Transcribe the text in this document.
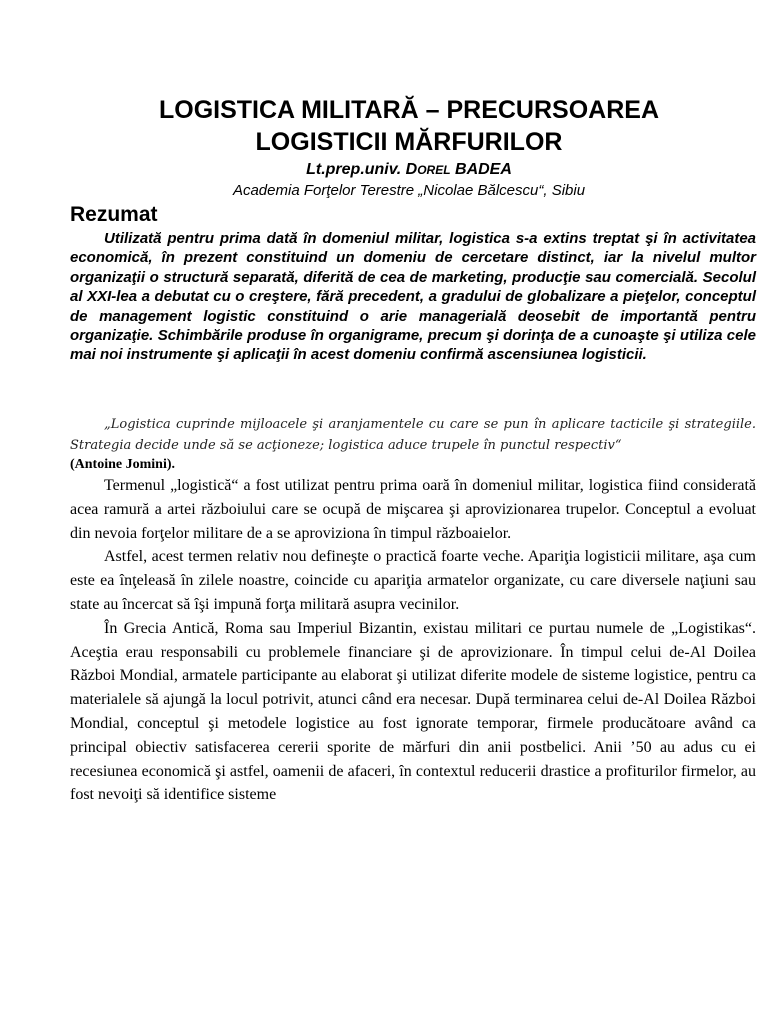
LOGISTICA MILITARĂ – PRECURSOAREA
LOGISTICII MĂRFURILOR

Lt.prep.univ. DOREL BADEA

Academia Forţelor Terestre „Nicolae Bălcescu“, Sibiu

Rezumat

Utilizată pentru prima dată în domeniul militar, logistica s-a extins treptat şi în activitatea economică, în prezent constituind un domeniu de cercetare distinct, iar la nivelul multor organizaţii o structură separată, diferită de cea de marketing, producţie sau comercială. Secolul al XXI-lea a debutat cu o creştere, fără precedent, a gradului de globalizare a pieţelor, conceptul de management logistic constituind o arie managerială deosebit de importantă pentru organizaţie. Schimbările produse în organigrame, precum şi dorinţa de a cunoaşte şi utiliza cele mai noi instrumente şi aplicaţii în acest domeniu confirmă ascensiunea logisticii.

„Logistica cuprinde mijloacele şi aranjamentele cu care se pun în aplicare tacticile şi strategiile. Strategia decide unde să se acţioneze; logistica aduce trupele în punctul respectiv“

(Antoine Jomini).

Termenul „logistică“ a fost utilizat pentru prima oară în domeniul militar, logistica fiind considerată acea ramură a artei războiului care se ocupă de mişcarea şi aprovizionarea trupelor. Conceptul a evoluat din nevoia forţelor militare de a se aproviziona în timpul războaielor.

Astfel, acest termen relativ nou defineşte o practică foarte veche. Apariţia logisticii militare, aşa cum este ea înţeleasă în zilele noastre, coincide cu apariţia armatelor organizate, cu care diversele naţiuni sau state au încercat să îşi impună forţa militară asupra vecinilor.

În Grecia Antică, Roma sau Imperiul Bizantin, existau militari ce purtau numele de „Logistikas“. Aceştia erau responsabili cu problemele financiare şi de aprovizionare. În timpul celui de-Al Doilea Război Mondial, armatele participante au elaborat şi utilizat diferite modele de sisteme logistice, pentru ca materialele să ajungă la locul potrivit, atunci când era necesar. După terminarea celui de-Al Doilea Război Mondial, conceptul şi metodele logistice au fost ignorate temporar, firmele producătoare având ca principal obiectiv satisfacerea cererii sporite de mărfuri din anii postbelici. Anii ’50 au adus cu ei recesiunea economică şi astfel, oamenii de afaceri, în contextul reducerii drastice a profiturilor firmelor, au fost nevoiţi să identifice sisteme
